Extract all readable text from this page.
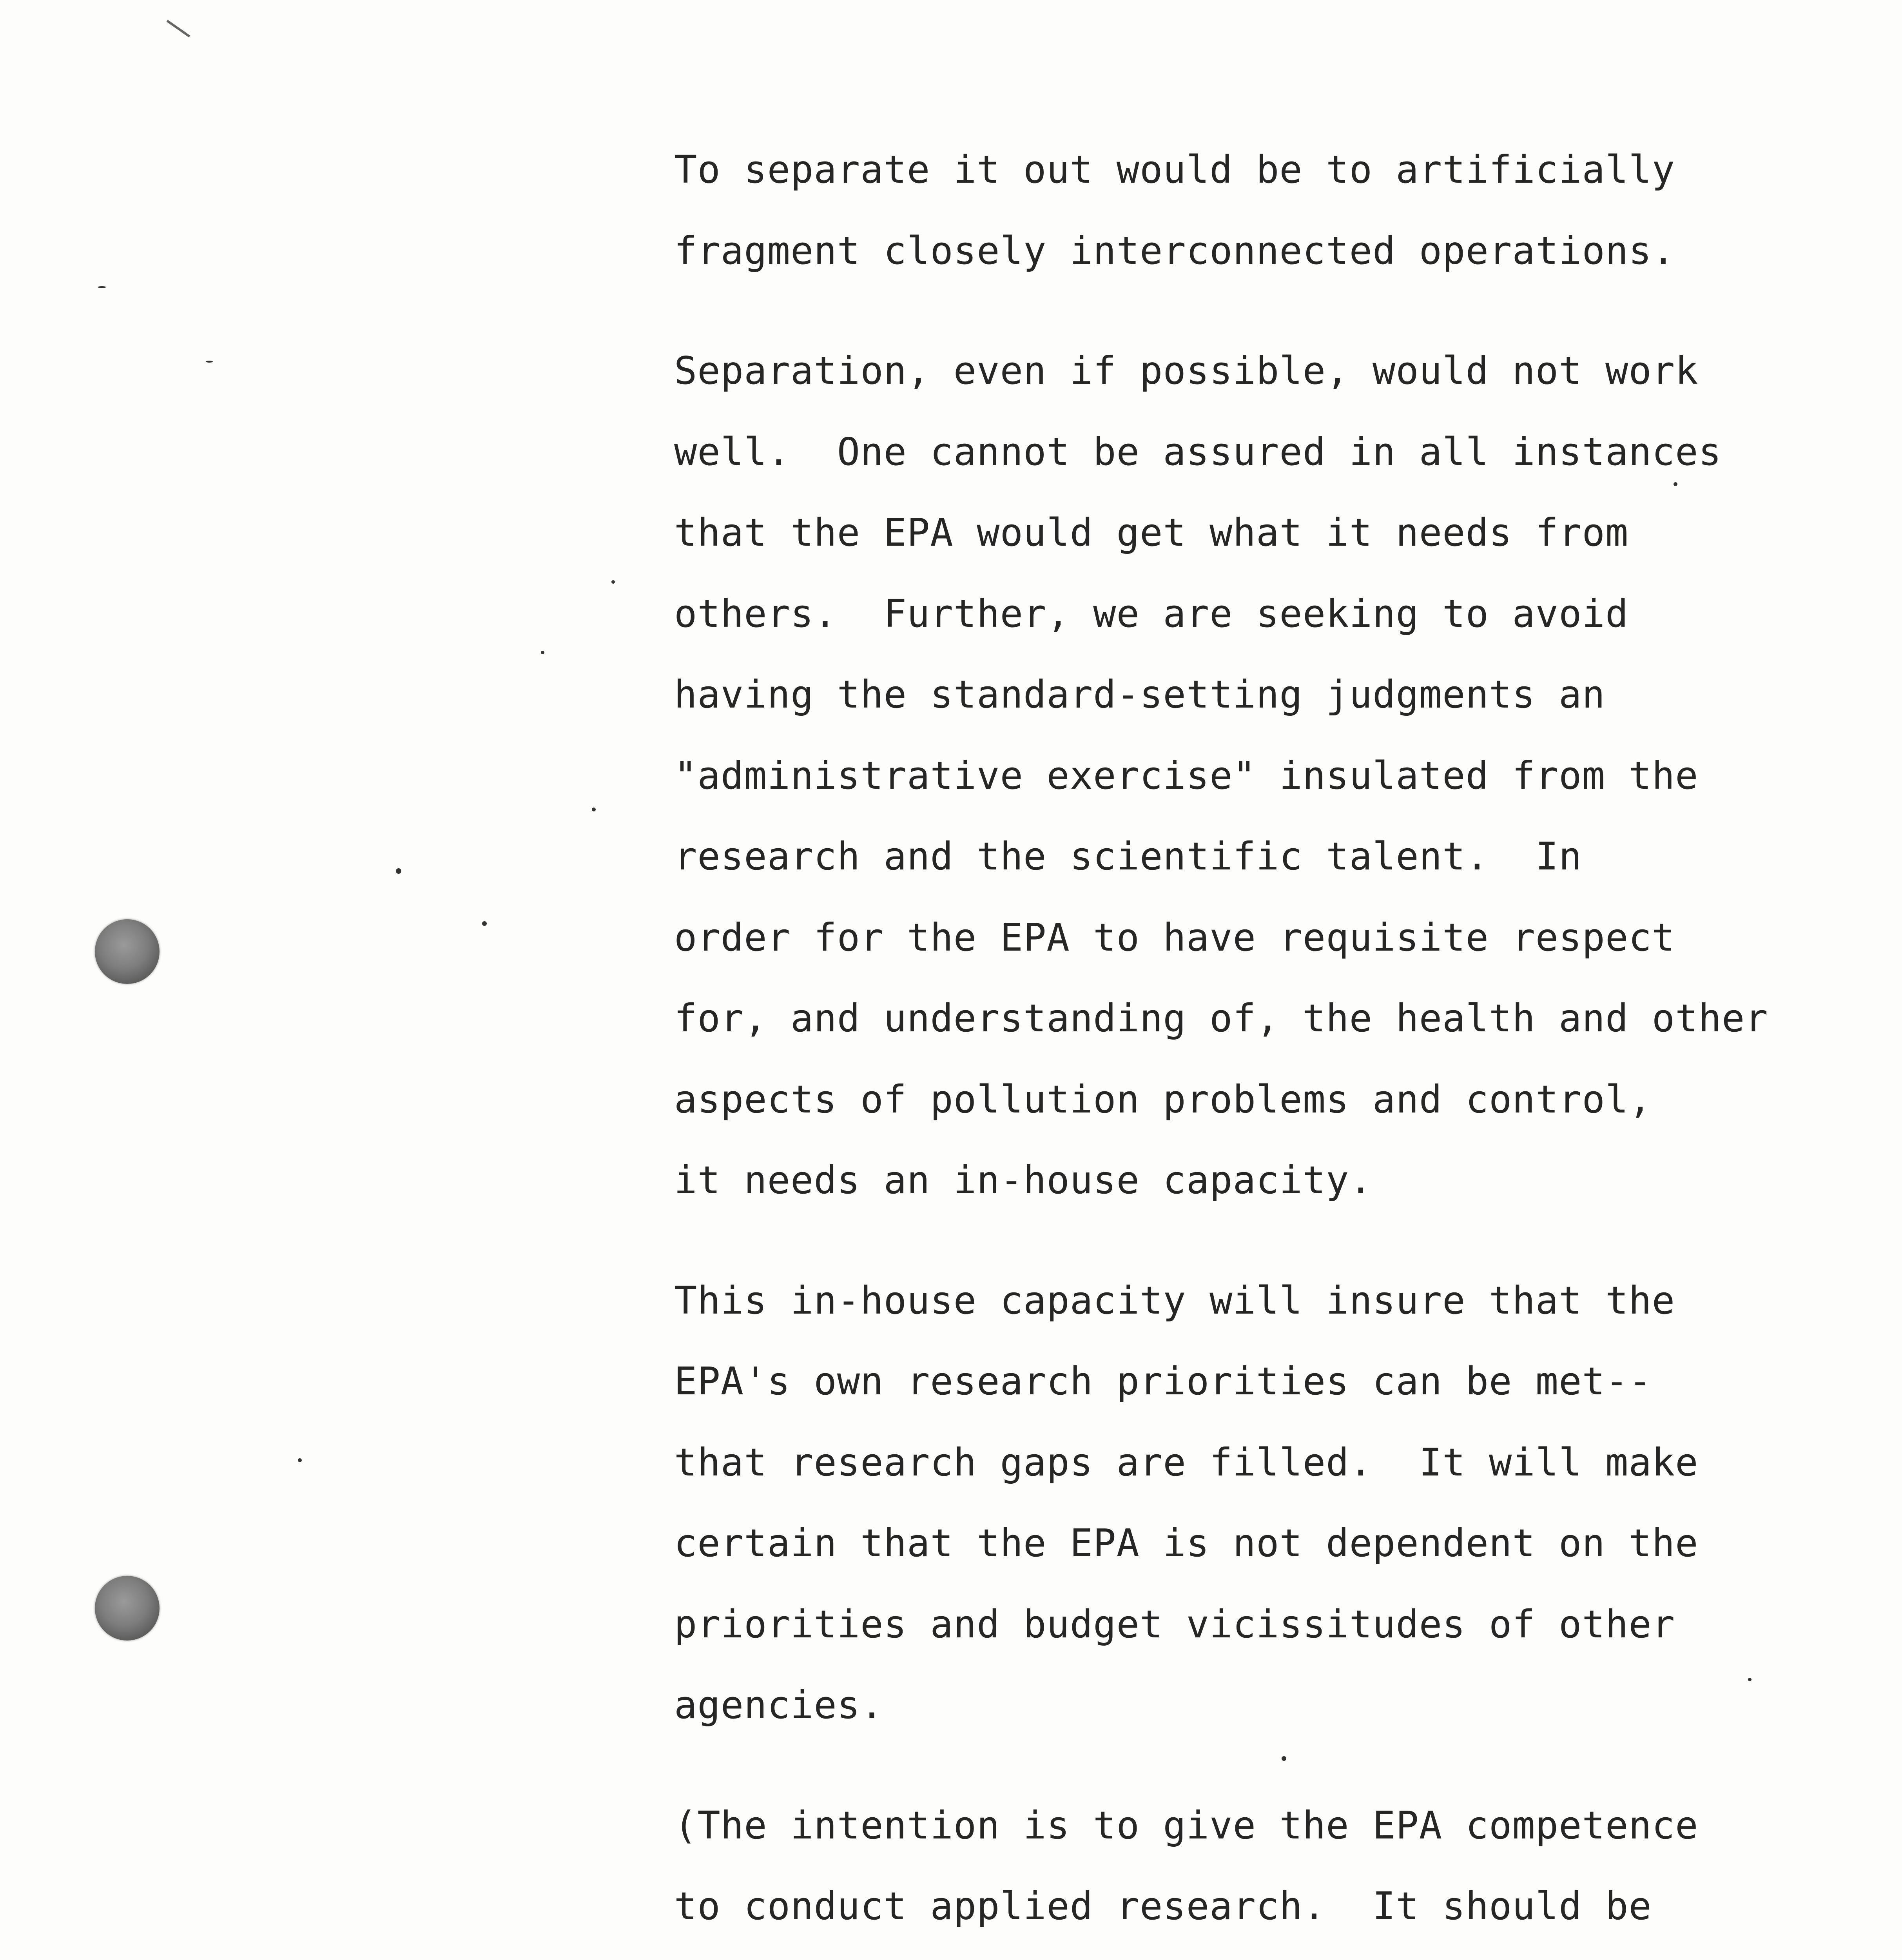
To separate it out would be to artificially
fragment closely interconnected operations.
Separation, even if possible, would not work
well.  One cannot be assured in all instances
that the EPA would get what it needs from
others.  Further, we are seeking to avoid
having the standard-setting judgments an
"administrative exercise" insulated from the
research and the scientific talent.  In
order for the EPA to have requisite respect
for, and understanding of, the health and other
aspects of pollution problems and control,
it needs an in-house capacity.
This in-house capacity will insure that the
EPA's own research priorities can be met--
that research gaps are filled.  It will make
certain that the EPA is not dependent on the
priorities and budget vicissitudes of other
agencies.
(The intention is to give the EPA competence
to conduct applied research.  It should be
